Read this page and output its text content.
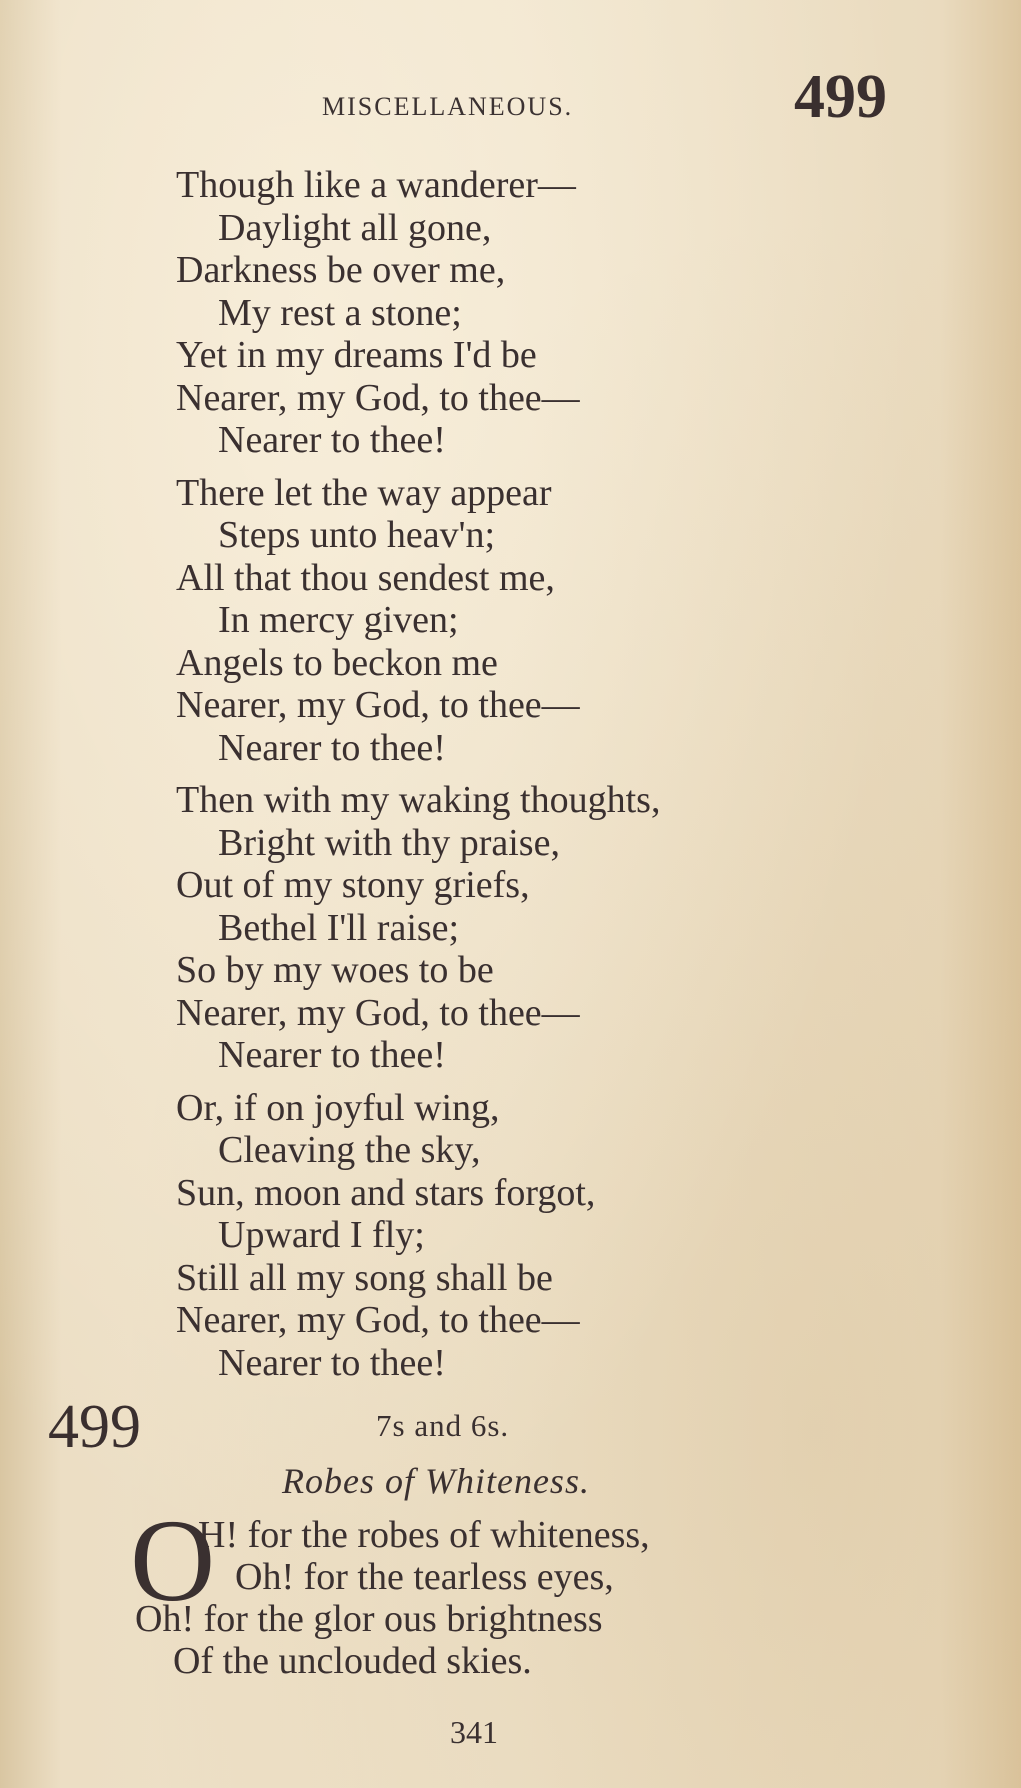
MISCELLANEOUS.	499
Though like a wanderer—
Daylight all gone,
Darkness be over me,
My rest a stone;
Yet in my dreams I'd be
Nearer, my God, to thee—
Nearer to thee!
There let the way appear
Steps unto heav'n;
All that thou sendest me,
In mercy given;
Angels to beckon me
Nearer, my God, to thee—
Nearer to thee!
Then with my waking thoughts,
Bright with thy praise,
Out of my stony griefs,
Bethel I'll raise;
So by my woes to be
Nearer, my God, to thee—
Nearer to thee!
Or, if on joyful wing,
Cleaving the sky,
Sun, moon and stars forgot,
Upward I fly;
Still all my song shall be
Nearer, my God, to thee—
Nearer to thee!
499	7s and 6s.
Robes of Whiteness.
O
H! for the robes of whiteness,
Oh! for the tearless eyes,
Oh! for the glor ous brightness
Of the unclouded skies.
341
